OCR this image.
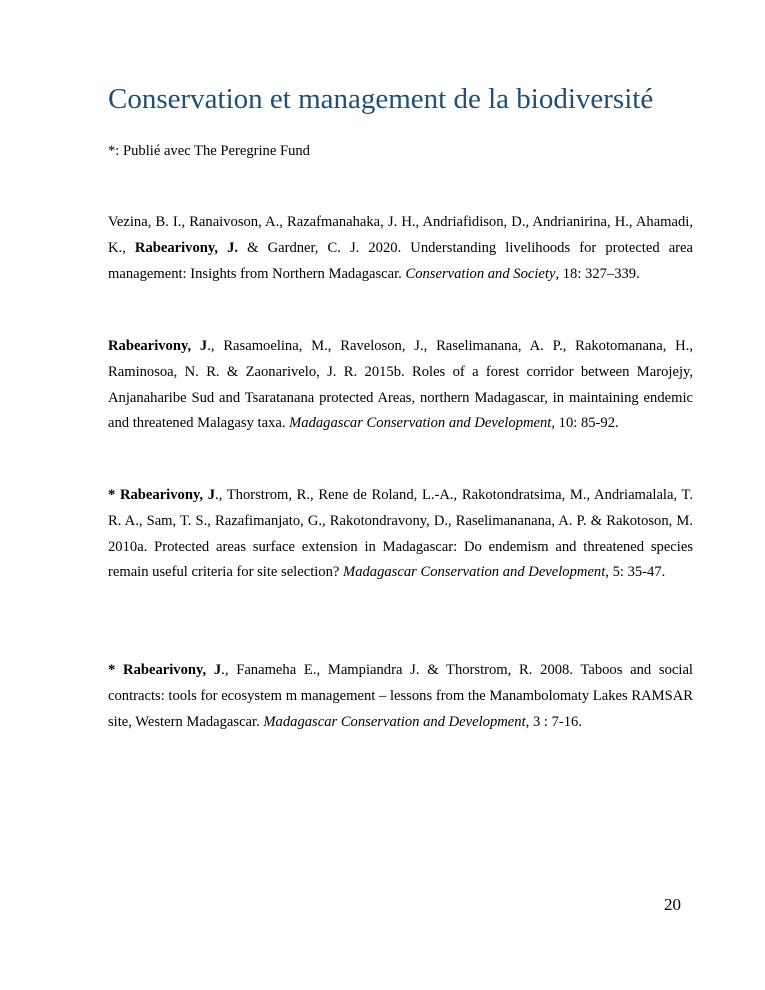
Conservation et management de la biodiversité

*: Publié avec The Peregrine Fund

Vezina, B. I., Ranaivoson, A., Razafmanahaka, J. H., Andriafidison, D., Andrianirina, H., Ahamadi, K., Rabearivony, J. & Gardner, C. J. 2020. Understanding livelihoods for protected area management: Insights from Northern Madagascar. Conservation and Society, 18: 327–339.

Rabearivony, J., Rasamoelina, M., Raveloson, J., Raselimanana, A. P., Rakotomanana, H., Raminosoa, N. R. & Zaonarivelo, J. R. 2015b. Roles of a forest corridor between Marojejy, Anjanaharibe Sud and Tsaratanana protected Areas, northern Madagascar, in maintaining endemic and threatened Malagasy taxa. Madagascar Conservation and Development, 10: 85-92.

* Rabearivony, J., Thorstrom, R., Rene de Roland, L.-A., Rakotondratsima, M., Andriamalala, T. R. A., Sam, T. S., Razafimanjato, G., Rakotondravony, D., Raselimananana, A. P. & Rakotoson, M. 2010a. Protected areas surface extension in Madagascar: Do endemism and threatened species remain useful criteria for site selection? Madagascar Conservation and Development, 5: 35-47.

* Rabearivony, J., Fanameha E., Mampiandra J. & Thorstrom, R. 2008. Taboos and social contracts: tools for ecosystem m management – lessons from the Manambolomaty Lakes RAMSAR site, Western Madagascar. Madagascar Conservation and Development, 3 : 7-16.

20
